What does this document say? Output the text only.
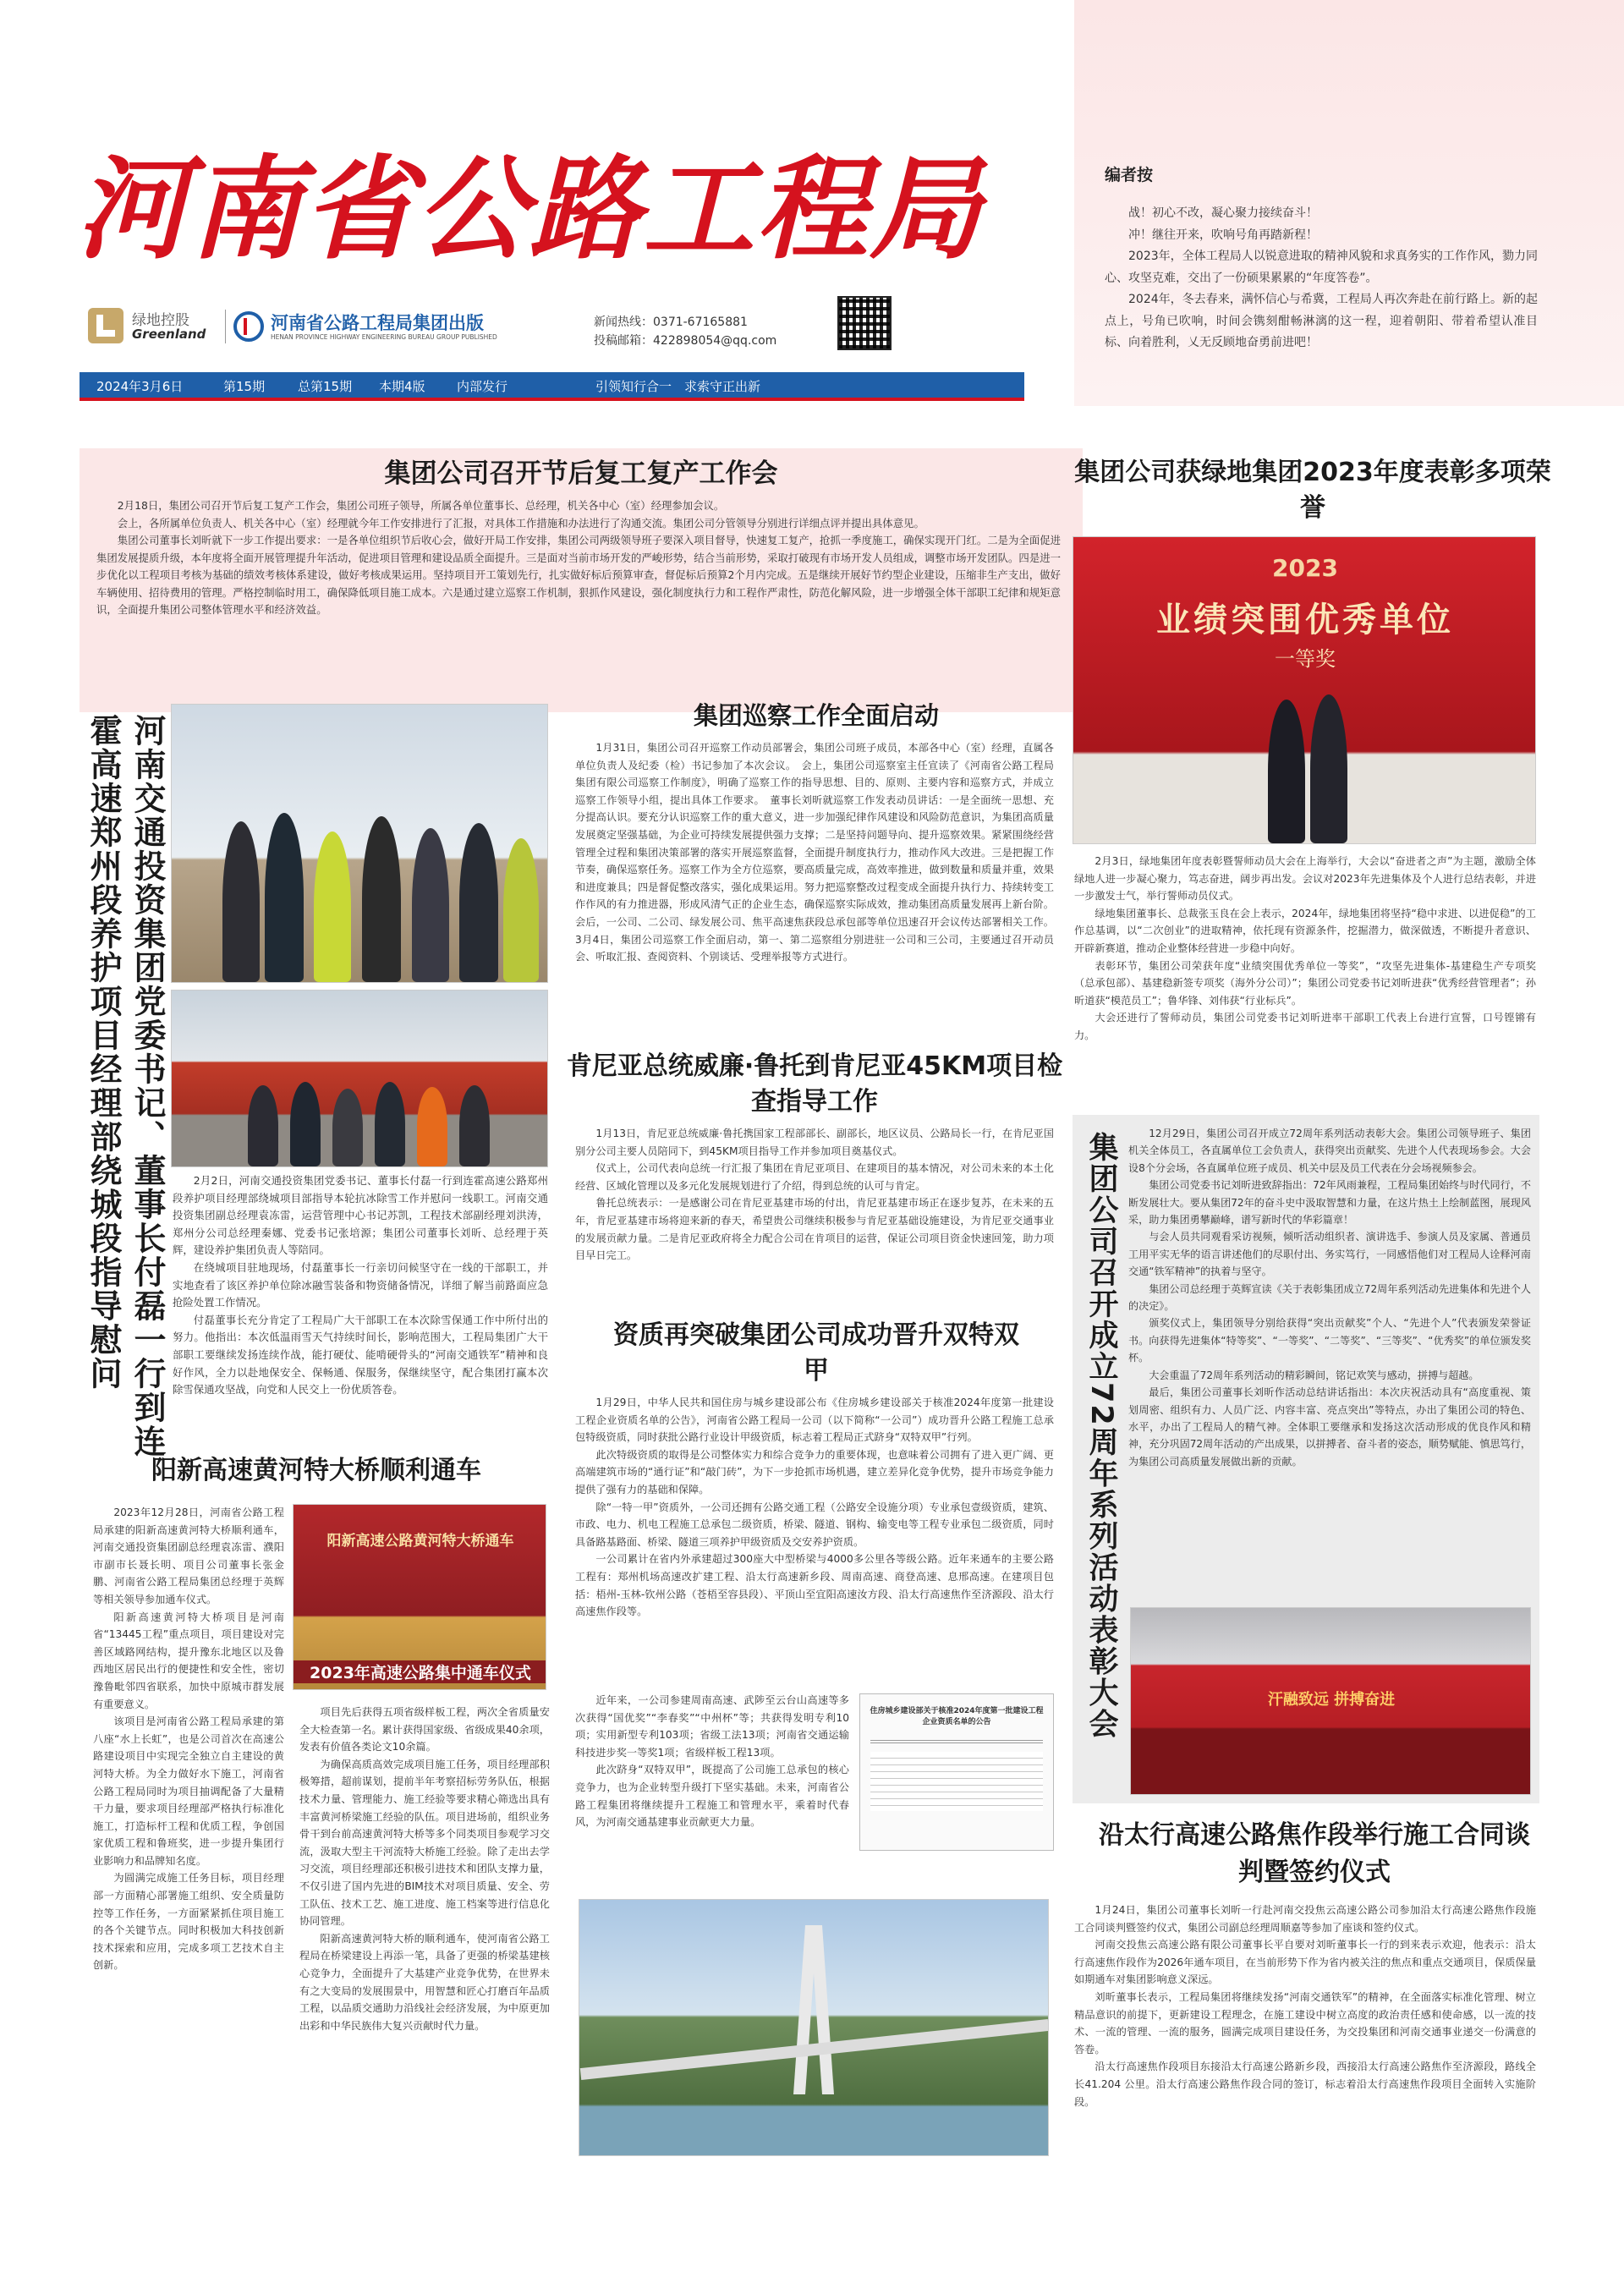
河南省公路工程局
绿地控股
Greenland
河南省公路工程局集团出版
HENAN PROVINCE HIGHWAY ENGINEERING BUREAU GROUP PUBLISHED
新闻热线：0371-67165881
投稿邮箱：422898054@qq.com
2024年3月6日	第15期	总第15期 本期4版 内部发行	引领知行合一　求索守正出新
编者按

战！初心不改，凝心聚力接续奋斗！

冲！继往开来，吹响号角再踏新程！

2023年，全体工程局人以锐意进取的精神风貌和求真务实的工作作风，勠力同心、攻坚克难，交出了一份硕果累累的“年度答卷”。

2024年，冬去春来，满怀信心与希冀，工程局人再次奔赴在前行路上。新的起点上，号角已吹响，时间会镌刻酣畅淋漓的这一程，迎着朝阳、带着希望认准目标、向着胜利，乂无反顾地奋勇前进吧！

集团公司召开节后复工复产工作会

2月18日，集团公司召开节后复工复产工作会，集团公司班子领导，所属各单位董事长、总经理，机关各中心（室）经理参加会议。

会上，各所属单位负责人、机关各中心（室）经理就今年工作安排进行了汇报，对具体工作措施和办法进行了沟通交流。集团公司分管领导分别进行详细点评并提出具体意见。

集团公司董事长刘昕就下一步工作提出要求：一是各单位组织节后收心会，做好开局工作安排，集团公司两级领导班子要深入项目督导，快速复工复产，抢抓一季度施工，确保实现开门红。二是为全面促进集团发展提质升级，本年度将全面开展管理提升年活动，促进项目管理和建设品质全面提升。三是面对当前市场开发的严峻形势，结合当前形势，采取打破现有市场开发人员组成，调整市场开发团队。四是进一步优化以工程项目考核为基础的绩效考核体系建设，做好考核成果运用。坚持项目开工策划先行，扎实做好标后预算审查，督促标后预算2个月内完成。五是继续开展好节约型企业建设，压缩非生产支出，做好车辆使用、招待费用的管理。严格控制临时用工，确保降低项目施工成本。六是通过建立巡察工作机制，狠抓作风建设，强化制度执行力和工程作严肃性，防范化解风险，进一步增强全体干部职工纪律和规矩意识，全面提升集团公司整体管理水平和经济效益。

河南交通投资集团党委书记、董事长付磊一行到连霍高速郑州段养护项目经理部绕城段指导慰问	2月2日，河南交通投资集团党委书记、董事长付磊一行到连霍高速公路郑州段养护项目经理部绕城项目部指导本轮抗冰除雪工作并慰问一线职工。河南交通投资集团副总经理袁冻雷，运营管理中心书记苏凯，工程技术部副经理刘洪涛，郑州分公司总经理秦娜、党委书记张培源；集团公司董事长刘昕、总经理于英辉，建设养护集团负责人等陪同。

在绕城项目驻地现场，付磊董事长一行亲切问候坚守在一线的干部职工，并实地查看了该区养护单位除冰融雪装备和物资储备情况，详细了解当前路面应急抢险处置工作情况。

付磊董事长充分肯定了工程局广大干部职工在本次除雪保通工作中所付出的努力。他指出：本次低温雨雪天气持续时间长，影响范围大，工程局集团广大干部职工要继续发扬连续作战，能打硬仗、能啃硬骨头的“河南交通铁军”精神和良好作风，全力以赴地保安全、保畅通、保服务，保继续坚守，配合集团打赢本次除雪保通攻坚战，向党和人民交上一份优质答卷。

集团巡察工作全面启动

1月31日，集团公司召开巡察工作动员部署会，集团公司班子成员，本部各中心（室）经理，直属各单位负责人及纪委（检）书记参加了本次会议。　会上，集团公司巡察室主任宣读了《河南省公路工程局集团有限公司巡察工作制度》，明确了巡察工作的指导思想、目的、原则、主要内容和巡察方式，并成立巡察工作领导小组，提出具体工作要求。　董事长刘昕就巡察工作发表动员讲话：一是全面统一思想、充分提高认识。要充分认识巡察工作的重大意义，进一步加强纪律作风建设和风险防范意识，为集团高质量发展奠定坚强基础，为企业可持续发展提供强力支撑；二是坚持问题导向、提升巡察效果。紧紧围绕经营管理全过程和集团决策部署的落实开展巡察监督，全面提升制度执行力，推动作风大改进。三是把握工作节奏，确保巡察任务。巡察工作为全方位巡察，要高质量完成，高效率推进，做到数量和质量并重，效果和进度兼具；四是督促整改落实，强化成果运用。努力把巡察整改过程变成全面提升执行力、持续转变工作作风的有力推进器，形成风清气正的企业生态，确保巡察实际成效，推动集团高质量发展再上新台阶。会后，一公司、二公司、绿发展公司、焦平高速焦获段总承包部等单位迅速召开会议传达部署相关工作。3月4日，集团公司巡察工作全面启动，第一、第二巡察组分别进驻一公司和三公司，主要通过召开动员会、听取汇报、查阅资料、个别谈话、受理举报等方式进行。

肯尼亚总统威廉·鲁托到肯尼亚45KM项目检查指导工作

1月13日，肯尼亚总统威廉·鲁托携国家工程部部长、副部长，地区议员、公路局长一行，在肯尼亚国别分公司主要人员陪同下，到45KM项目指导工作并参加项目奠基仪式。

仪式上，公司代表向总统一行汇报了集团在肯尼亚项目、在建项目的基本情况，对公司未来的本土化经营、区域化管理以及多元化发展规划进行了介绍，得到总统的认可与肯定。

鲁托总统表示：一是感谢公司在肯尼亚基建市场的付出，肯尼亚基建市场正在逐步复苏，在未来的五年，肯尼亚基建市场将迎来新的春天，希望贵公司继续积极参与肯尼亚基础设施建设，为肯尼亚交通事业的发展贡献力量。二是肯尼亚政府将全力配合公司在肯项目的运营，保证公司项目资金快速回笼，助力项目早日完工。

资质再突破集团公司成功晋升双特双甲

1月29日，中华人民共和国住房与城乡建设部公布《住房城乡建设部关于核准2024年度第一批建设工程企业资质名单的公告》，河南省公路工程局一公司（以下简称“一公司”）成功晋升公路工程施工总承包特级资质，同时获批公路行业设计甲级资质，标志着工程局正式跻身“双特双甲”行列。

此次特级资质的取得是公司整体实力和综合竞争力的重要体现，也意味着公司拥有了进入更广阔、更高端建筑市场的“通行证”和“敲门砖”，为下一步抢抓市场机遇，建立差异化竞争优势，提升市场竞争能力提供了强有力的基础和保障。

除“一特一甲”资质外，一公司还拥有公路交通工程（公路安全设施分项）专业承包壹级资质，建筑、市政、电力、机电工程施工总承包二级资质，桥梁、隧道、钢构、输变电等工程专业承包二级资质，同时具备路基路面、桥梁、隧道三项养护甲级资质及交安养护资质。

一公司累计在省内外承建超过300座大中型桥梁与4000多公里各等级公路。近年来通车的主要公路工程有：郑州机场高速改扩建工程、沿太行高速新乡段、周南高速、商登高速、息邢高速。在建项目包括：梧州-玉林-钦州公路（苍梧至容县段）、平顶山至宜阳高速汝方段、沿太行高速焦作至济源段、沿太行高速焦作段等。

住房城乡建设部关于核准2024年度第一批建设工程企业资质名单的公告

近年来，一公司参建周南高速、武陟至云台山高速等多次获得“国优奖”“李春奖”“中州杯”等；共获得发明专利10项；实用新型专利103项；省级工法13项；河南省交通运输科技进步奖一等奖1项；省级样板工程13项。

此次跻身“双特双甲”，既提高了公司施工总承包的核心竞争力，也为企业转型升级打下坚实基础。未来，河南省公路工程集团将继续提升工程施工和管理水平，乘着时代春风，为河南交通基建事业贡献更大力量。

阳新高速黄河特大桥顺利通车
阳新高速公路黄河特大桥通车
2023年高速公路集中通车仪式

2023年12月28日，河南省公路工程局承建的阳新高速黄河特大桥顺利通车，河南交通投资集团副总经理袁冻雷、濮阳市副市长聂长明、项目公司董事长张金鹏、河南省公路工程局集团总经理于英辉等相关领导参加通车仪式。

阳新高速黄河特大桥项目是河南省“13445工程”重点项目，项目建设对完善区域路网结构，提升豫东北地区以及鲁西地区居民出行的便捷性和安全性，密切豫鲁毗邻四省联系，加快中原城市群发展有重要意义。

该项目是河南省公路工程局承建的第八座“水上长虹”，也是公司首次在高速公路建设项目中实现完全独立自主建设的黄河特大桥。为全力做好水下施工，河南省公路工程局同时为项目抽调配备了大量精干力量，要求项目经理部严格执行标准化施工，打造标杆工程和优质工程，争创国家优质工程和鲁班奖，进一步提升集团行业影响力和品牌知名度。

为圆满完成施工任务目标，项目经理部一方面精心部署施工组织、安全质量防控等工作任务，一方面紧紧抓住项目施工的各个关键节点。同时积极加大科技创新技术探索和应用，完成多项工艺技术自主创新。

项目先后获得五项省级样板工程，两次全省质量安全大检查第一名。累计获得国家级、省级成果40余项，发表有价值各类论文10余篇。

为确保高质高效完成项目施工任务，项目经理部积极筹措，超前谋划，提前半年考察招标劳务队伍，根据技术力量、管理能力、施工经验等要求精心筛选出具有丰富黄河桥梁施工经验的队伍。项目进场前，组织业务骨干到台前高速黄河特大桥等多个同类项目参观学习交流，汲取大型主干河流特大桥施工经验。除了走出去学习交流，项目经理部还积极引进技术和团队支撑力量，不仅引进了国内先进的BIM技术对项目质量、安全、劳工队伍、技术工艺、施工进度、施工档案等进行信息化协同管理。

阳新高速黄河特大桥的顺利通车，使河南省公路工程局在桥梁建设上再添一笔，具备了更强的桥梁基建核心竞争力，全面提升了大基建产业竞争优势，在世界未有之大变局的发展围景中，用智慧和匠心打磨百年品质工程，以品质交通助力沿线社会经济发展，为中原更加出彩和中华民族伟大复兴贡献时代力量。

集团公司获绿地集团2023年度表彰多项荣誉
2023
业绩突围优秀单位
一等奖

2月3日，绿地集团年度表彰暨誓师动员大会在上海举行，大会以“奋进者之声”为主题，激励全体绿地人进一步凝心聚力，笃志奋进，阔步再出发。会议对2023年先进集体及个人进行总结表彰，并进一步激发士气，举行誓师动员仪式。

绿地集团董事长、总裁张玉良在会上表示，2024年，绿地集团将坚持“稳中求进、以进促稳”的工作总基调，以“二次创业”的进取精神，依托现有资源条件，挖掘潜力，做深做透，不断提升者意识、开辟新赛道，推动企业整体经营进一步稳中向好。

表彰环节，集团公司荣获年度“业绩突围优秀单位一等奖”，“攻坚先进集体-基建稳生产专项奖（总承包部）、基建稳新签专项奖（海外分公司）”；集团公司党委书记刘昕进获“优秀经营管理者”；孙昕道获“模范员工”；鲁华锋、刘伟获“行业标兵”。

大会还进行了誓师动员，集团公司党委书记刘昕进率干部职工代表上台进行宣誓，口号铿锵有力。

集团公司召开成立72周年系列活动表彰大会	12月29日，集团公司召开成立72周年系列活动表彰大会。集团公司领导班子、集团机关全体员工，各直属单位工会负责人，获得突出贡献奖、先进个人代表现场参会。大会设8个分会场，各直属单位班子成员、机关中层及员工代表在分会场视频参会。

集团公司党委书记刘昕进致辞指出：72年风雨兼程，工程局集团始终与时代同行，不断发展壮大。要从集团72年的奋斗史中汲取智慧和力量，在这片热土上绘制蓝图，展现风采，助力集团勇攀巅峰，谱写新时代的华彩篇章！

与会人员共同观看采访视频，倾听活动组织者、演讲选手、参演人员及家属、普通员工用平实无华的语言讲述他们的尽职付出、务实笃行，一同感悟他们对工程局人诠释河南交通“铁军精神”的执着与坚守。

集团公司总经理于英辉宣读《关于表彰集团成立72周年系列活动先进集体和先进个人的决定》。

颁奖仪式上，集团领导分别给获得“突出贡献奖”个人、“先进个人”代表颁发荣誉证书。向获得先进集体“特等奖”、“一等奖”、“二等奖”、“三等奖”、“优秀奖”的单位颁发奖杯。

大会重温了72周年系列活动的精彩瞬间，铭记欢笑与感动，拼搏与超越。

最后，集团公司董事长刘昕作活动总结讲话指出：本次庆祝活动具有“高度重视、策划周密、组织有力、人员广泛、内容丰富、亮点突出”等特点，办出了集团公司的特色、水平，办出了工程局人的精气神。全体职工要继承和发扬这次活动形成的优良作风和精神，充分巩固72周年活动的产出成果，以拼搏者、奋斗者的姿态，顺势赋能、慎思笃行，为集团公司高质量发展做出新的贡献。

汗融致远 拼搏奋进
沿太行高速公路焦作段举行施工合同谈判暨签约仪式

1月24日，集团公司董事长刘昕一行赴河南交投焦云高速公路公司参加沿太行高速公路焦作段施工合同谈判暨签约仪式，集团公司副总经理周顺嘉等参加了座谈和签约仪式。

河南交投焦云高速公路有限公司董事长平自要对刘昕董事长一行的到来表示欢迎，他表示：沿太行高速焦作段作为2026年通车项目，在当前形势下作为省内被关注的焦点和重点交通项目，保质保量如期通车对集团影响意义深远。

刘昕董事长表示，工程局集团将继续发扬“河南交通铁军”的精神，在全面落实标准化管理、树立精品意识的前提下，更新建设工程理念，在施工建设中树立高度的政治责任感和使命感，以一流的技术、一流的管理、一流的服务，圆满完成项目建设任务，为交投集团和河南交通事业递交一份满意的答卷。

沿太行高速焦作段项目东接沿太行高速公路新乡段，西接沿太行高速公路焦作至济源段，路线全长41.204 公里。沿太行高速公路焦作段合同的签订，标志着沿太行高速焦作段项目全面转入实施阶段。
